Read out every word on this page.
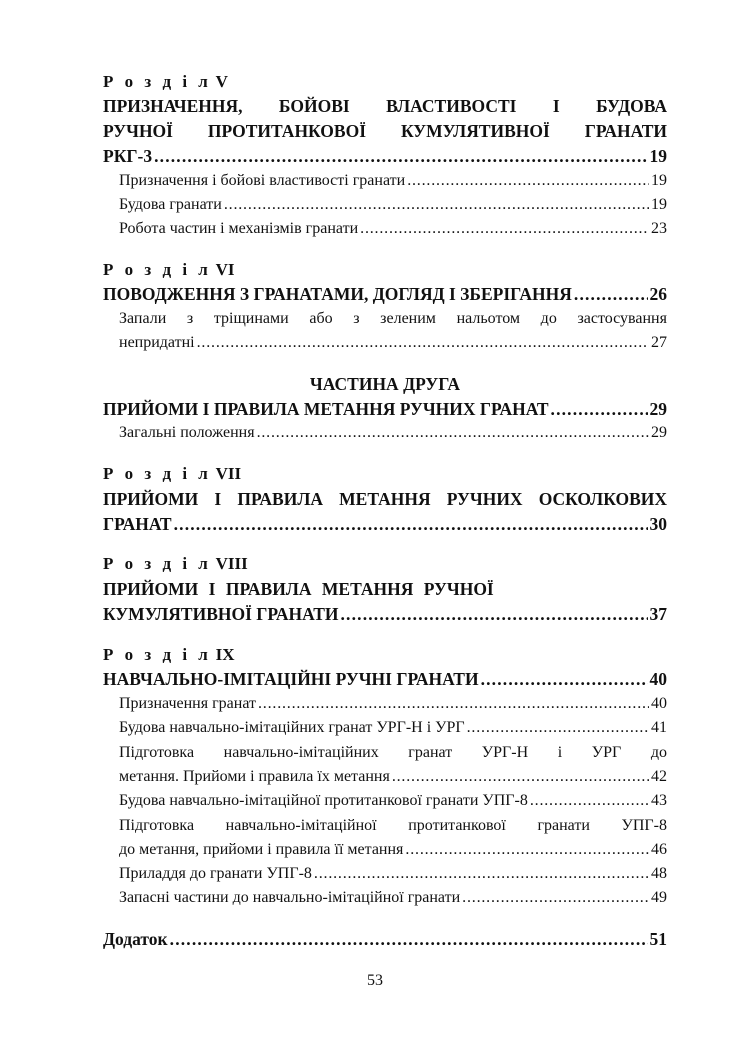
Р о з д і л V
ПРИЗНАЧЕННЯ, БОЙОВІ ВЛАСТИВОСТІ І БУДОВА
РУЧНОЇ ПРОТИТАНКОВОЇ КУМУЛЯТИВНОЇ ГРАНАТИ
РКГ-3 . . .	19
Призначення і бойові властивості гранати . . .	19
Будова гранати . . .	19
Робота частин і механізмів гранати . . .	23
Р о з д і л VI
ПОВОДЖЕННЯ З ГРАНАТАМИ, ДОГЛЯД І ЗБЕРІГАННЯ . . .	26
Запали з тріщинами або з зеленим нальотом до застосування
непридатні . . .	27
ЧАСТИНА ДРУГА
ПРИЙОМИ І ПРАВИЛА МЕТАННЯ РУЧНИХ ГРАНАТ . . .	29
Загальні положення . . .	29
Р о з д і л VII
ПРИЙОМИ І ПРАВИЛА МЕТАННЯ РУЧНИХ ОСКОЛКОВИХ
ГРАНАТ . . .	30
Р о з д і л VIII
ПРИЙОМИ І ПРАВИЛА МЕТАННЯ РУЧНОЇ
КУМУЛЯТИВНОЇ ГРАНАТИ . . .	37
Р о з д і л IX
НАВЧАЛЬНО-ІМІТАЦІЙНІ РУЧНІ ГРАНАТИ . . .	40
Призначення гранат . . .	40
Будова навчально-імітаційних гранат УРГ-Н і УРГ . . .	41
Підготовка навчально-імітаційних гранат УРГ-Н і УРГ до
метання. Прийоми і правила їх метання . . .	42
Будова навчально-імітаційної протитанкової гранати УПГ-8 . . .	43
Підготовка навчально-імітаційної протитанкової гранати УПГ-8
до метання, прийоми і правила її метання . . .	46
Приладдя до гранати УПГ-8 . . .	48
Запасні частини до навчально-імітаційної гранати . . .	49
Додаток . . .	51
53
